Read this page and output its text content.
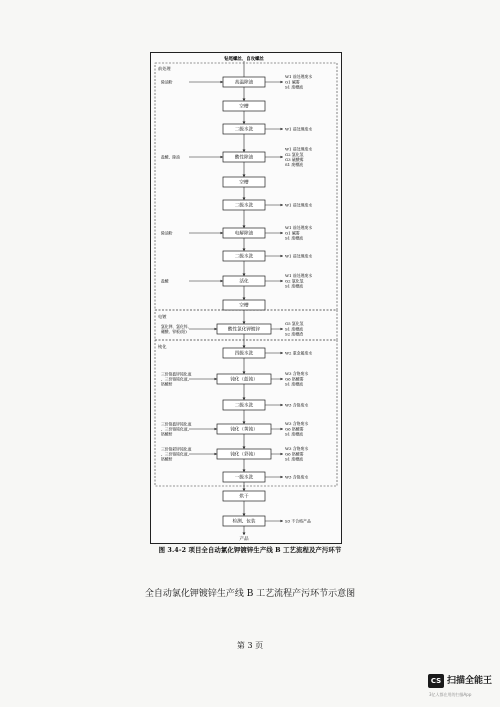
前处理
电镀
钝化
钻尾螺丝、自攻螺丝
高温除油
除油粉
W1 前处理废水
G1 碱雾
S1 废槽液
空槽
二级水洗	W1 前处理废水
酸性除油
盐酸、除油
W1 前处理废水
G2 氯化氢
G3 硫酸雾
S1 废槽液
空槽
二级水洗	W1 前处理废水
电解除油
除油粉
W1 前处理废水
G1 碱雾
S1 废槽液
二级水洗	W1 前处理废水
活化
盐酸
W1 前处理废水
G2 氯化氢
S1 废槽液
空槽
酸性氯化钾镀锌
氯化钾、氯化锌、
硼酸、锌板(阳)
G5 氯化氢
S1 废槽液
S2 废槽渣
四级水洗	W2 重金属废水
钝化（蓝钝）
三价铬蓝锌钝化液
、三价铬钝化液、
铬酸酐
W3 含铬废水
G6 铬酸雾
S1 废槽液
二级水洗	W3 含铬废水
钝化（黄钝）
三价铬蓝锌钝化液
、三价铬钝化液、
铬酸酐
W3 含铬废水
G6 铬酸雾
S1 废槽液
钝化（彩钝）
三价铬彩锌钝化液
、三价铬钝化液、
铬酸酐
W3 含铬废水
G6 铬酸雾
S1 废槽液
一级水洗	W3 含铬废水
烘干
检测、包装	S3 不合格产品
产品
图 3.4-2 项目全自动氯化钾镀锌生产线 B 工艺流程及产污环节
全自动氯化钾镀锌生产线 B 工艺流程产污环节示意图
第 3 页
CS 扫描全能王
3亿人都在用的扫描App
